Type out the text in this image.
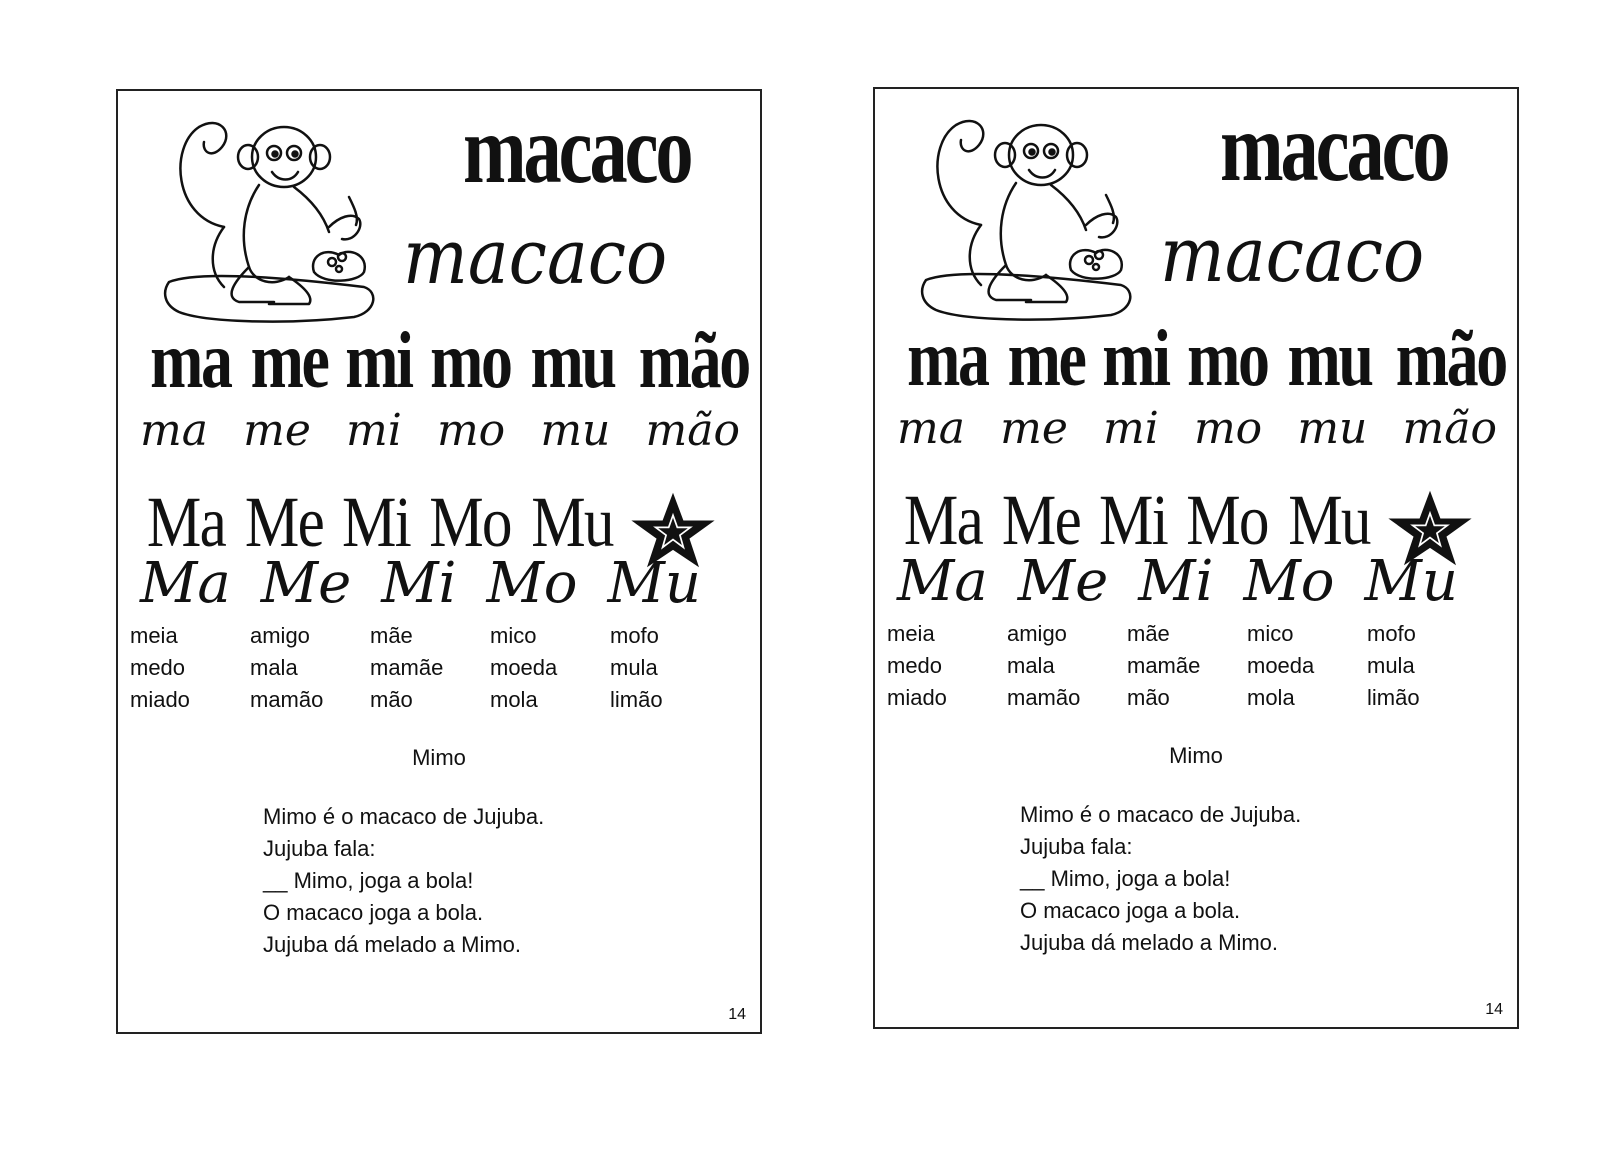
macaco
macaco
ma me mi mo mu mão
ma me mi mo mu mão
Ma Me Mi Mo Mu
Ma Me Mi Mo Mu
meia	amigo	mãe	mico	mofo
medo	mala	mamãe	moeda	mula
miado	mamão	mão	mola	limão
Mimo
Mimo é o macaco de Jujuba.
Jujuba fala:
__ Mimo, joga a bola!
O macaco joga a bola.
Jujuba dá melado a Mimo.
14
macaco
macaco
ma me mi mo mu mão
ma me mi mo mu mão
Ma Me Mi Mo Mu
Ma Me Mi Mo Mu
meia	amigo	mãe	mico	mofo
medo	mala	mamãe	moeda	mula
miado	mamão	mão	mola	limão
Mimo
Mimo é o macaco de Jujuba.
Jujuba fala:
__ Mimo, joga a bola!
O macaco joga a bola.
Jujuba dá melado a Mimo.
14
